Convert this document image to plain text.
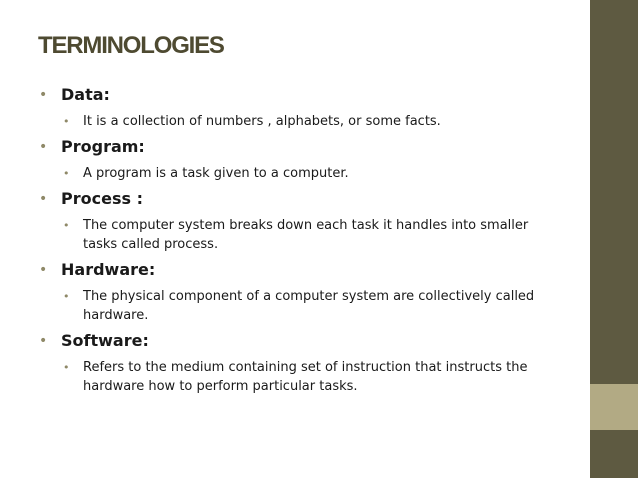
TERMINOLOGIES
• Data:
• It is a collection of numbers , alphabets, or some facts.
• Program:
• A program is a task given to a computer.
• Process :
• The computer system breaks down each task it handles into smaller tasks called process.
• Hardware:
• The physical component of a computer system are collectively called hardware.
• Software:
• Refers to the medium containing set of instruction that instructs the hardware how to perform particular tasks.
